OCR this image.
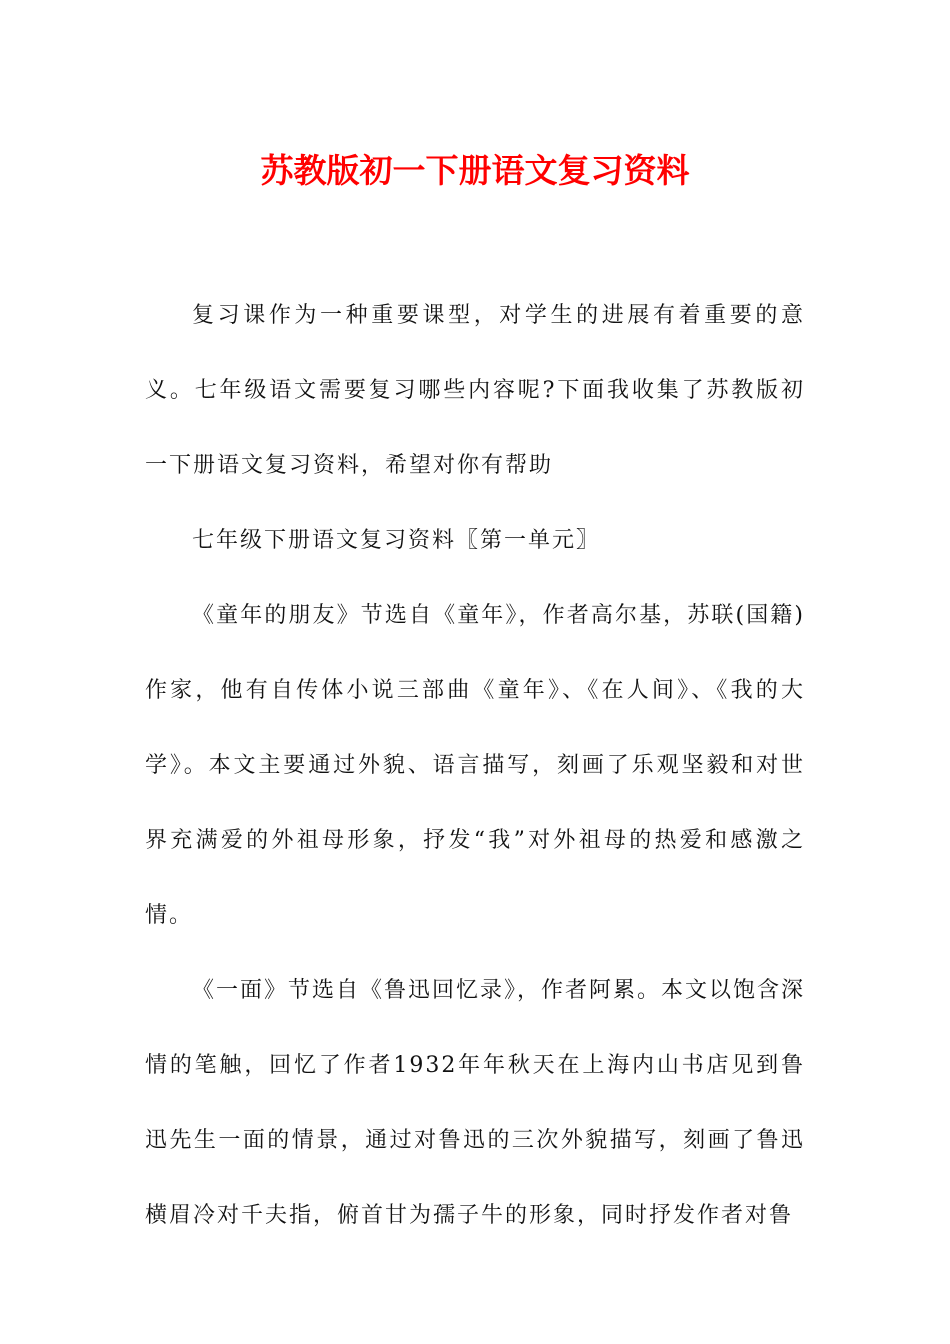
苏教版初一下册语文复习资料

复习课作为一种重要课型，对学生的进展有着重要的意义。七年级语文需要复习哪些内容呢?下面我收集了苏教版初一下册语文复习资料，希望对你有帮助

七年级下册语文复习资料〖第一单元〗

《童年的朋友》节选自《童年》，作者高尔基，苏联(国籍)作家，他有自传体小说三部曲《童年》、《在人间》、《我的大学》。本文主要通过外貌、语言描写，刻画了乐观坚毅和对世界充满爱的外祖母形象，抒发“我”对外祖母的热爱和感激之情。

《一面》节选自《鲁迅回忆录》，作者阿累。本文以饱含深情的笔触，回忆了作者1932年年秋天在上海内山书店见到鲁迅先生一面的情景，通过对鲁迅的三次外貌描写，刻画了鲁迅横眉冷对千夫指，俯首甘为孺子牛的形象，同时抒发作者对鲁
